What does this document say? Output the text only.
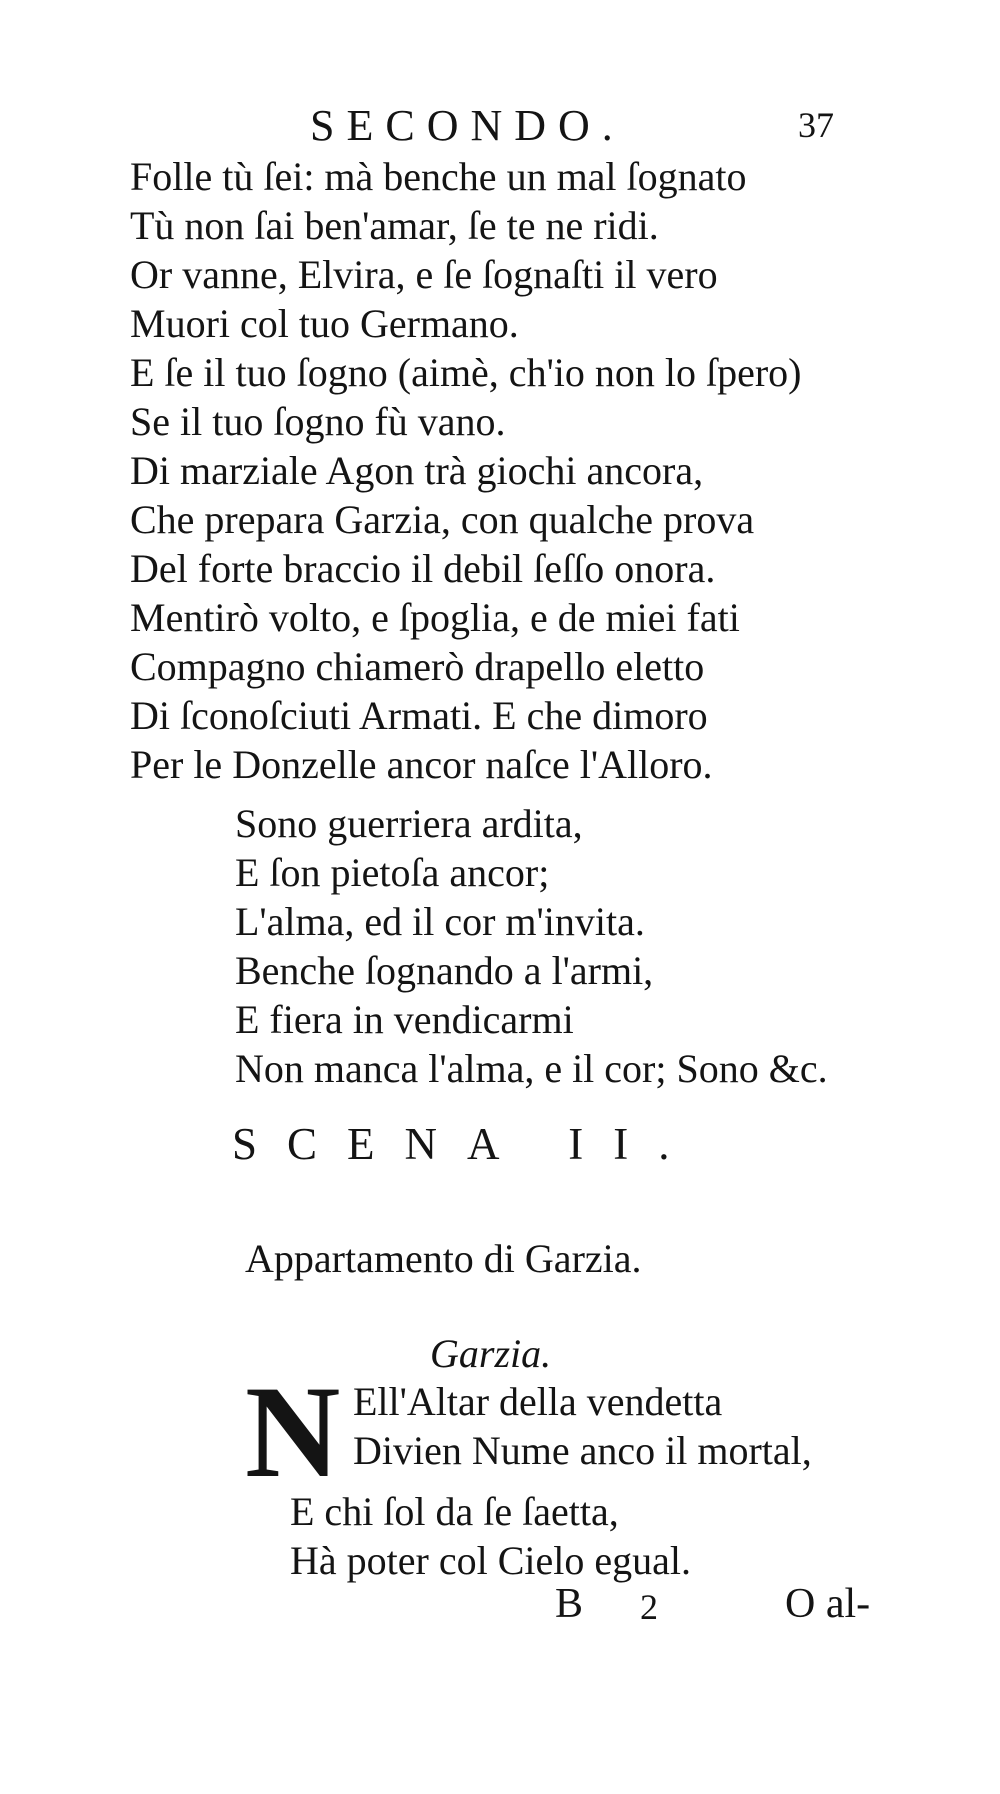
SECONDO.	37
Folle tù ſei: mà benche un mal ſognato
Tù non ſai ben'amar, ſe te ne ridi.
Or vanne, Elvira, e ſe ſognaſti il vero
Muori col tuo Germano.
E ſe il tuo ſogno (aimè, ch'io non lo ſpero)
Se il tuo ſogno fù vano.
Di marziale Agon trà giochi ancora,
Che prepara Garzia, con qualche prova
Del forte braccio il debil ſeſſo onora.
Mentirò volto, e ſpoglia, e de miei fati
Compagno chiamerò drapello eletto
Di ſconoſciuti Armati. E che dimoro
Per le Donzelle ancor naſce l'Alloro.
Sono guerriera ardita,
E ſon pietoſa ancor;
L'alma, ed il cor m'invita.
Benche ſognando a l'armi,
E fiera in vendicarmi
Non manca l'alma, e il cor; Sono &c.
SCENA II.
Appartamento di Garzia.
Garzia.
N Ell'Altar della vendetta
Divien Nume anco il mortal,
E chi ſol da ſe ſaetta,
Hà poter col Cielo egual.
B 2	O al-
